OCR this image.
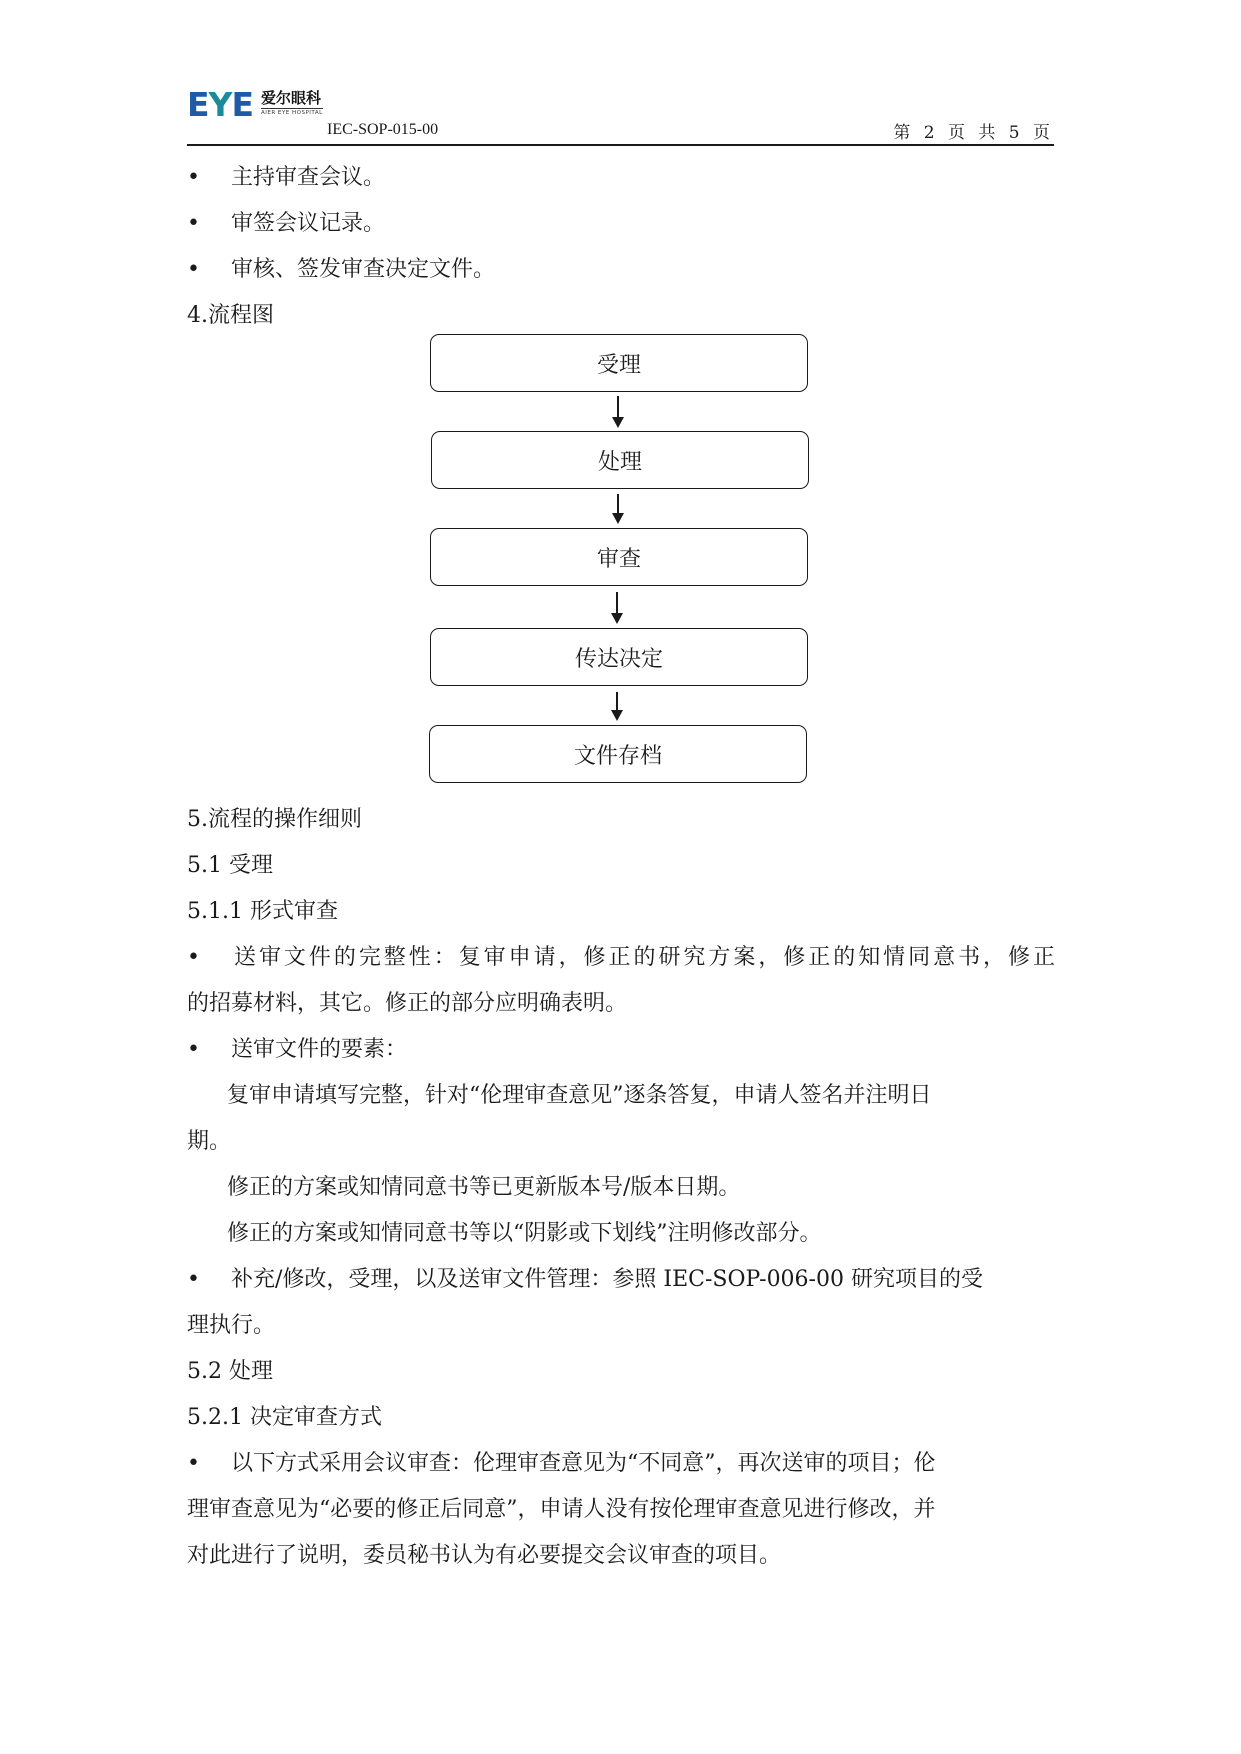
EYE 爱尔眼科
AIER EYE HOSPITAL
IEC-SOP-015-00	第 2 页 共 5 页
• 主持审查会议。
• 审签会议记录。
• 审核、签发审查决定文件。
4.流程图
受理
处理
审查
传达决定
文件存档
5.流程的操作细则
5.1 受理
5.1.1 形式审查
• 送审文件的完整性：复审申请，修正的研究方案，修正的知情同意书，修正
的招募材料，其它。修正的部分应明确表明。
• 送审文件的要素：
复审申请填写完整，针对“伦理审查意见”逐条答复，申请人签名并注明日
期。
修正的方案或知情同意书等已更新版本号/版本日期。
修正的方案或知情同意书等以“阴影或下划线”注明修改部分。
• 补充/修改，受理，以及送审文件管理：参照 IEC-SOP-006-00 研究项目的受
理执行。
5.2 处理
5.2.1 决定审查方式
• 以下方式采用会议审查：伦理审查意见为“不同意”，再次送审的项目；伦
理审查意见为“必要的修正后同意”，申请人没有按伦理审查意见进行修改，并
对此进行了说明，委员秘书认为有必要提交会议审查的项目。
